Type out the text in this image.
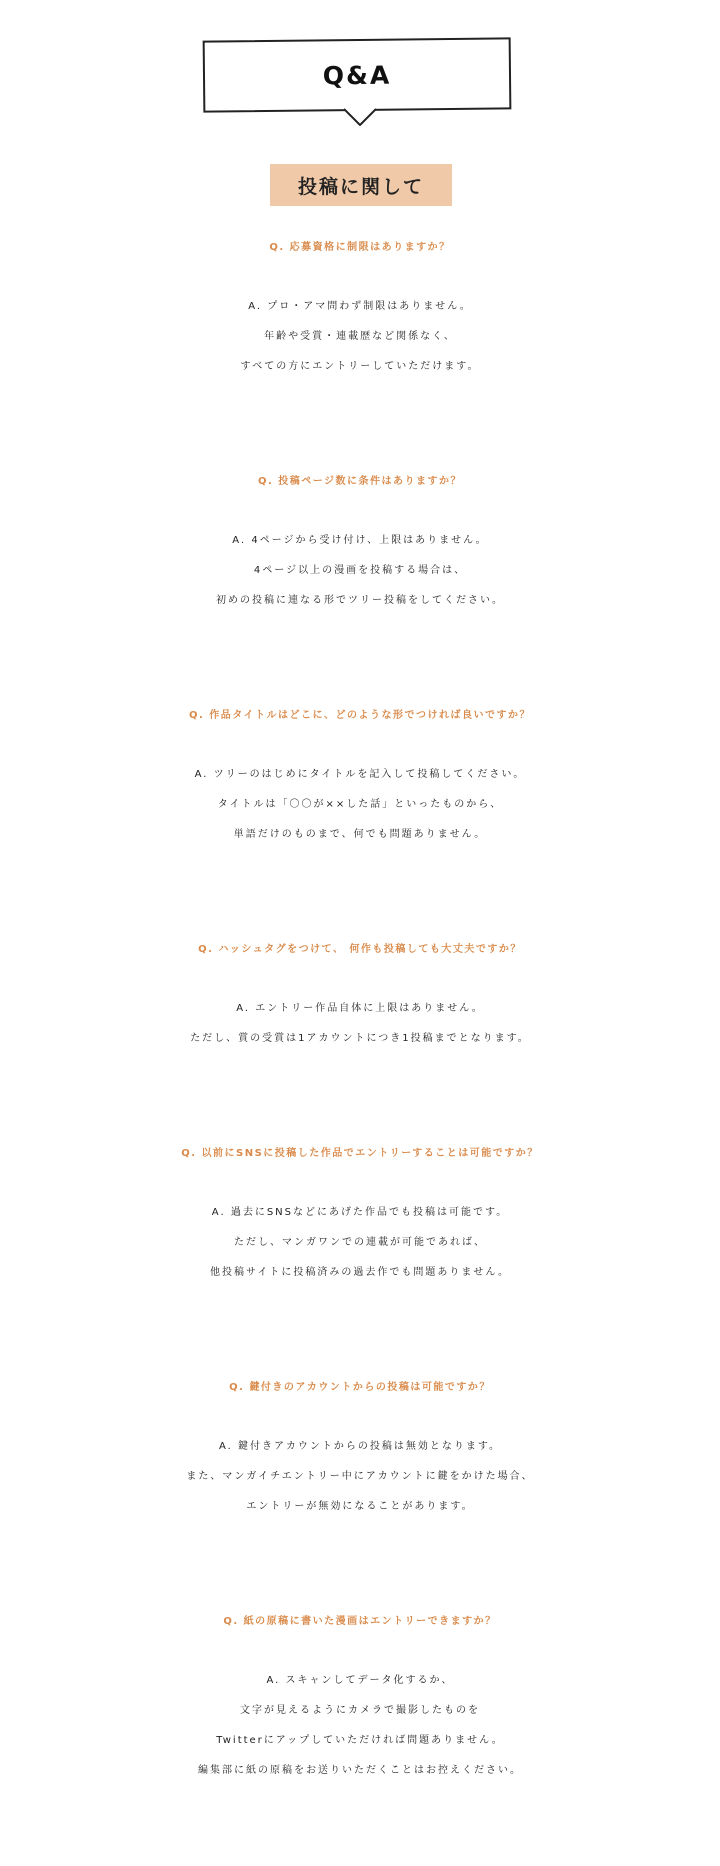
Q&A
投稿に関して

Q. 応募資格に制限はありますか？

A. プロ・アマ問わず制限はありません。
年齢や受賞・連載歴など関係なく、
すべての方にエントリーしていただけます。

Q. 投稿ページ数に条件はありますか？

A. 4ページから受け付け、上限はありません。
4ページ以上の漫画を投稿する場合は、
初めの投稿に連なる形でツリー投稿をしてください。

Q. 作品タイトルはどこに、どのような形でつければ良いですか？

A. ツリーのはじめにタイトルを記入して投稿してください。
タイトルは「〇〇が××した話」といったものから、
単語だけのものまで、何でも問題ありません。

Q. ハッシュタグをつけて、 何作も投稿しても大丈夫ですか？

A. エントリー作品自体に上限はありません。
ただし、賞の受賞は1アカウントにつき1投稿までとなります。

Q. 以前にSNSに投稿した作品でエントリーすることは可能ですか？

A. 過去にSNSなどにあげた作品でも投稿は可能です。
ただし、マンガワンでの連載が可能であれば、
他投稿サイトに投稿済みの過去作でも問題ありません。

Q. 鍵付きのアカウントからの投稿は可能ですか？

A. 鍵付きアカウントからの投稿は無効となります。
また、マンガイチエントリー中にアカウントに鍵をかけた場合、
エントリーが無効になることがあります。

Q. 紙の原稿に書いた漫画はエントリーできますか？

A. スキャンしてデータ化するか、
文字が見えるようにカメラで撮影したものを
Twitterにアップしていただければ問題ありません。
編集部に紙の原稿をお送りいただくことはお控えください。
